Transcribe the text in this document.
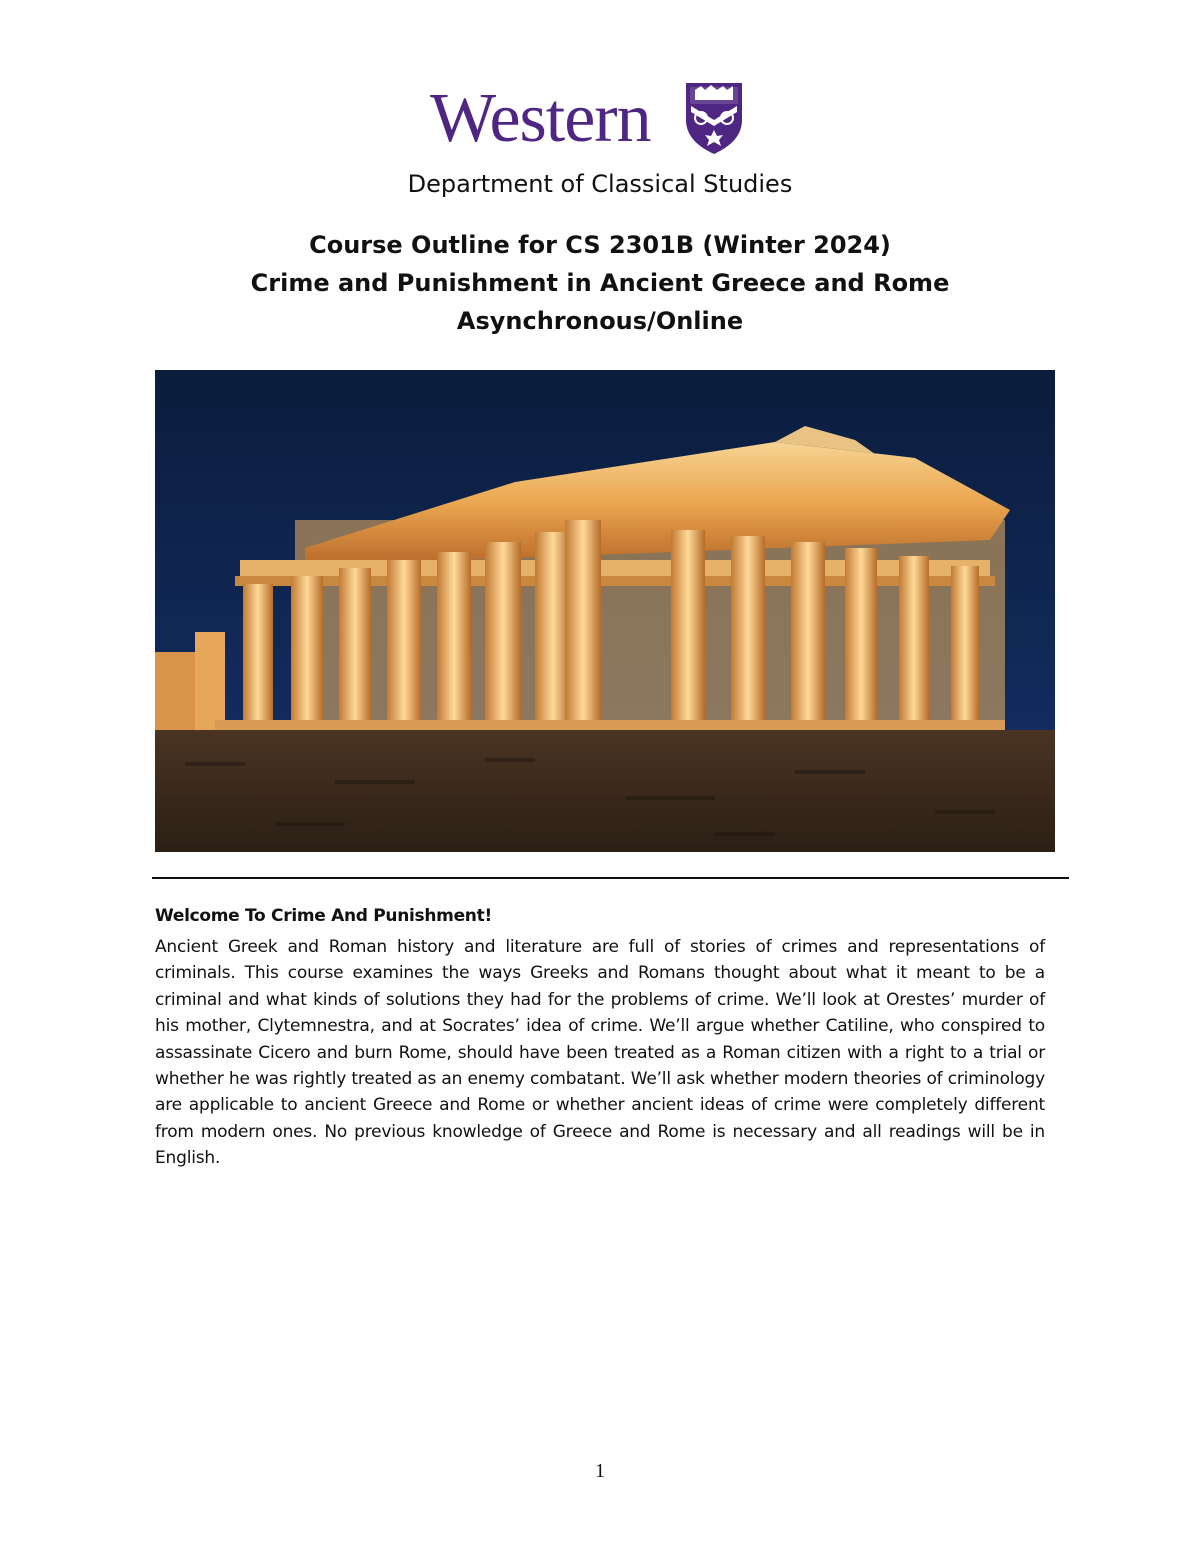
Western
Department of Classical Studies
Course Outline for CS 2301B (Winter 2024)
Crime and Punishment in Ancient Greece and Rome
Asynchronous/Online
Welcome To Crime And Punishment!
Ancient Greek and Roman history and literature are full of stories of crimes and representations of criminals. This course examines the ways Greeks and Romans thought about what it meant to be a criminal and what kinds of solutions they had for the problems of crime. We’ll look at Orestes’ murder of his mother, Clytemnestra, and at Socrates’ idea of crime. We’ll argue whether Catiline, who conspired to assassinate Cicero and burn Rome, should have been treated as a Roman citizen with a right to a trial or whether he was rightly treated as an enemy combatant. We’ll ask whether modern theories of criminology are applicable to ancient Greece and Rome or whether ancient ideas of crime were completely different from modern ones. No previous knowledge of Greece and Rome is necessary and all readings will be in English.
1
